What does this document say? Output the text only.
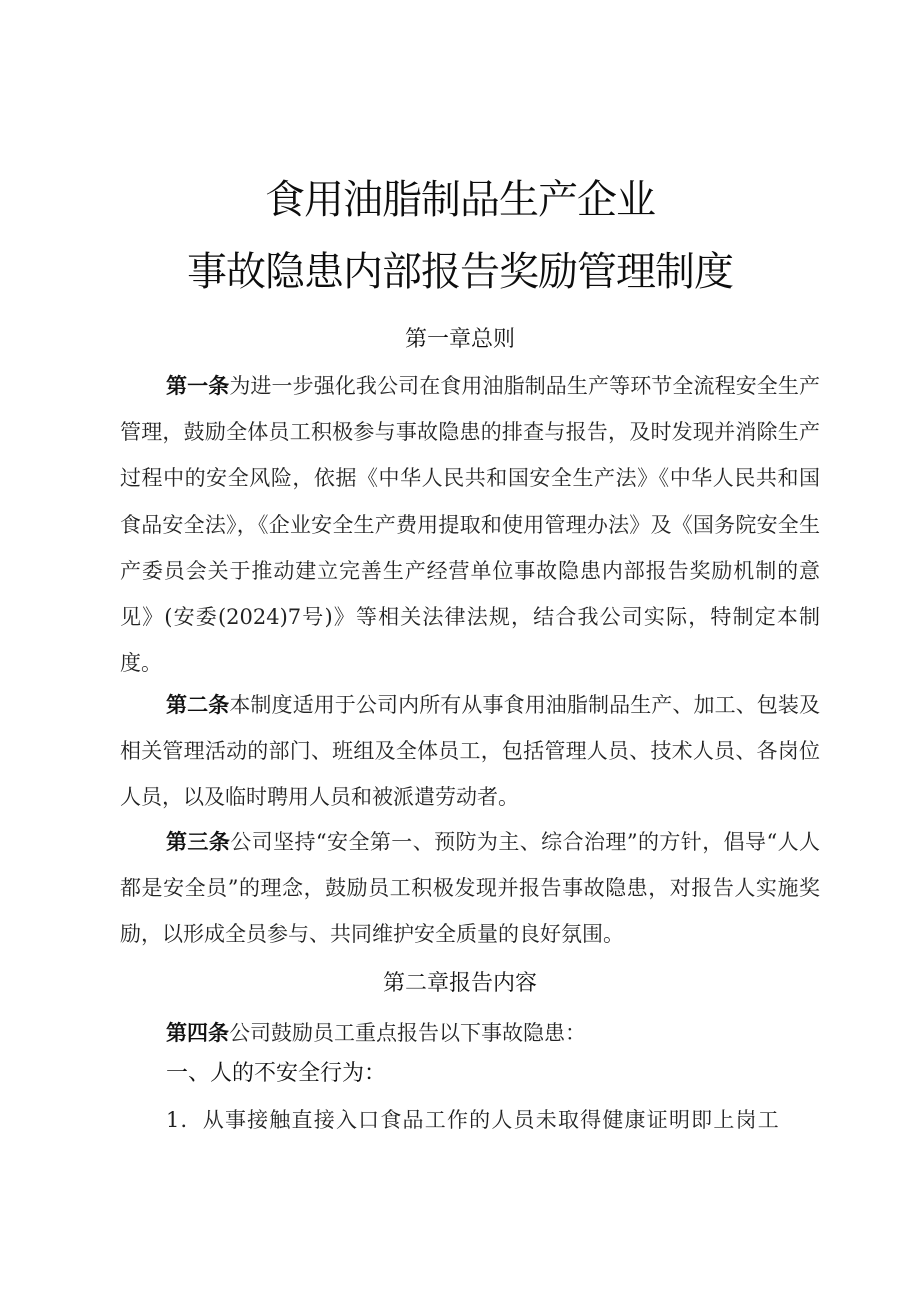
食用油脂制品生产企业
事故隐患内部报告奖励管理制度
第一章总则
第一条为进一步强化我公司在食用油脂制品生产等环节全流程安全生产管理，鼓励全体员工积极参与事故隐患的排查与报告，及时发现并消除生产过程中的安全风险，依据《中华人民共和国安全生产法》《中华人民共和国食品安全法》，《企业安全生产费用提取和使用管理办法》及《国务院安全生产委员会关于推动建立完善生产经营单位事故隐患内部报告奖励机制的意见》(安委(2024)7号)》等相关法律法规，结合我公司实际，特制定本制度。
第二条本制度适用于公司内所有从事食用油脂制品生产、加工、包装及相关管理活动的部门、班组及全体员工，包括管理人员、技术人员、各岗位人员，以及临时聘用人员和被派遣劳动者。
第三条公司坚持“安全第一、预防为主、综合治理”的方针，倡导“人人都是安全员”的理念，鼓励员工积极发现并报告事故隐患，对报告人实施奖励，以形成全员参与、共同维护安全质量的良好氛围。
第二章报告内容
第四条公司鼓励员工重点报告以下事故隐患：
一、人的不安全行为：
1．从事接触直接入口食品工作的人员未取得健康证明即上岗工
